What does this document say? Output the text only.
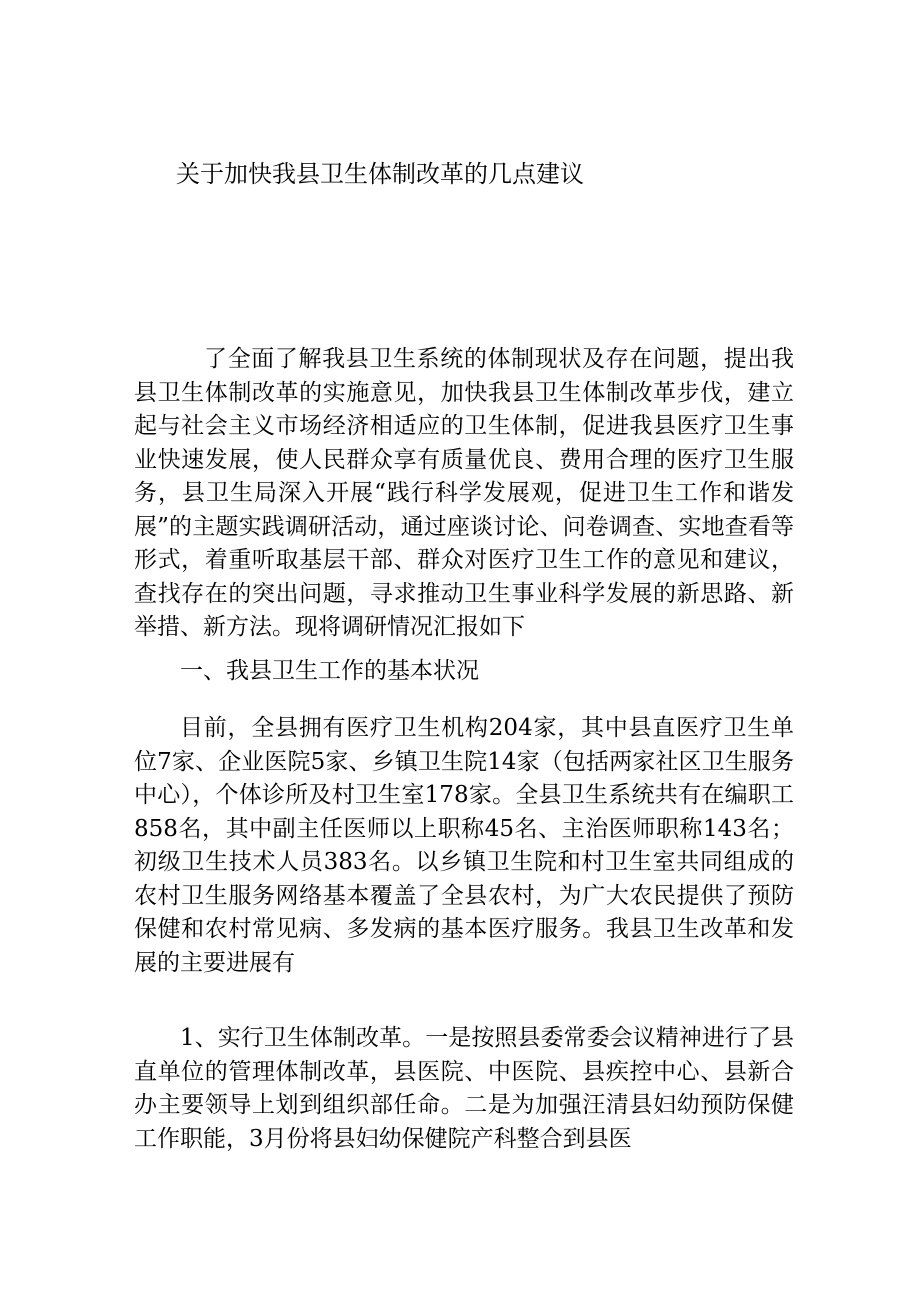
关于加快我县卫生体制改革的几点建议

了全面了解我县卫生系统的体制现状及存在问题，提出我县卫生体制改革的实施意见，加快我县卫生体制改革步伐，建立起与社会主义市场经济相适应的卫生体制，促进我县医疗卫生事业快速发展，使人民群众享有质量优良、费用合理的医疗卫生服务，县卫生局深入开展“践行科学发展观，促进卫生工作和谐发展”的主题实践调研活动，通过座谈讨论、问卷调查、实地查看等形式，着重听取基层干部、群众对医疗卫生工作的意见和建议，查找存在的突出问题，寻求推动卫生事业科学发展的新思路、新举措、新方法。现将调研情况汇报如下

一、我县卫生工作的基本状况

目前，全县拥有医疗卫生机构204家，其中县直医疗卫生单位7家、企业医院5家、乡镇卫生院14家（包括两家社区卫生服务中心），个体诊所及村卫生室178家。全县卫生系统共有在编职工858名，其中副主任医师以上职称45名、主治医师职称143名；初级卫生技术人员383名。以乡镇卫生院和村卫生室共同组成的农村卫生服务网络基本覆盖了全县农村，为广大农民提供了预防保健和农村常见病、多发病的基本医疗服务。我县卫生改革和发展的主要进展有

1、实行卫生体制改革。一是按照县委常委会议精神进行了县直单位的管理体制改革，县医院、中医院、县疾控中心、县新合办主要领导上划到组织部任命。二是为加强汪清县妇幼预防保健工作职能，3月份将县妇幼保健院产科整合到县医
